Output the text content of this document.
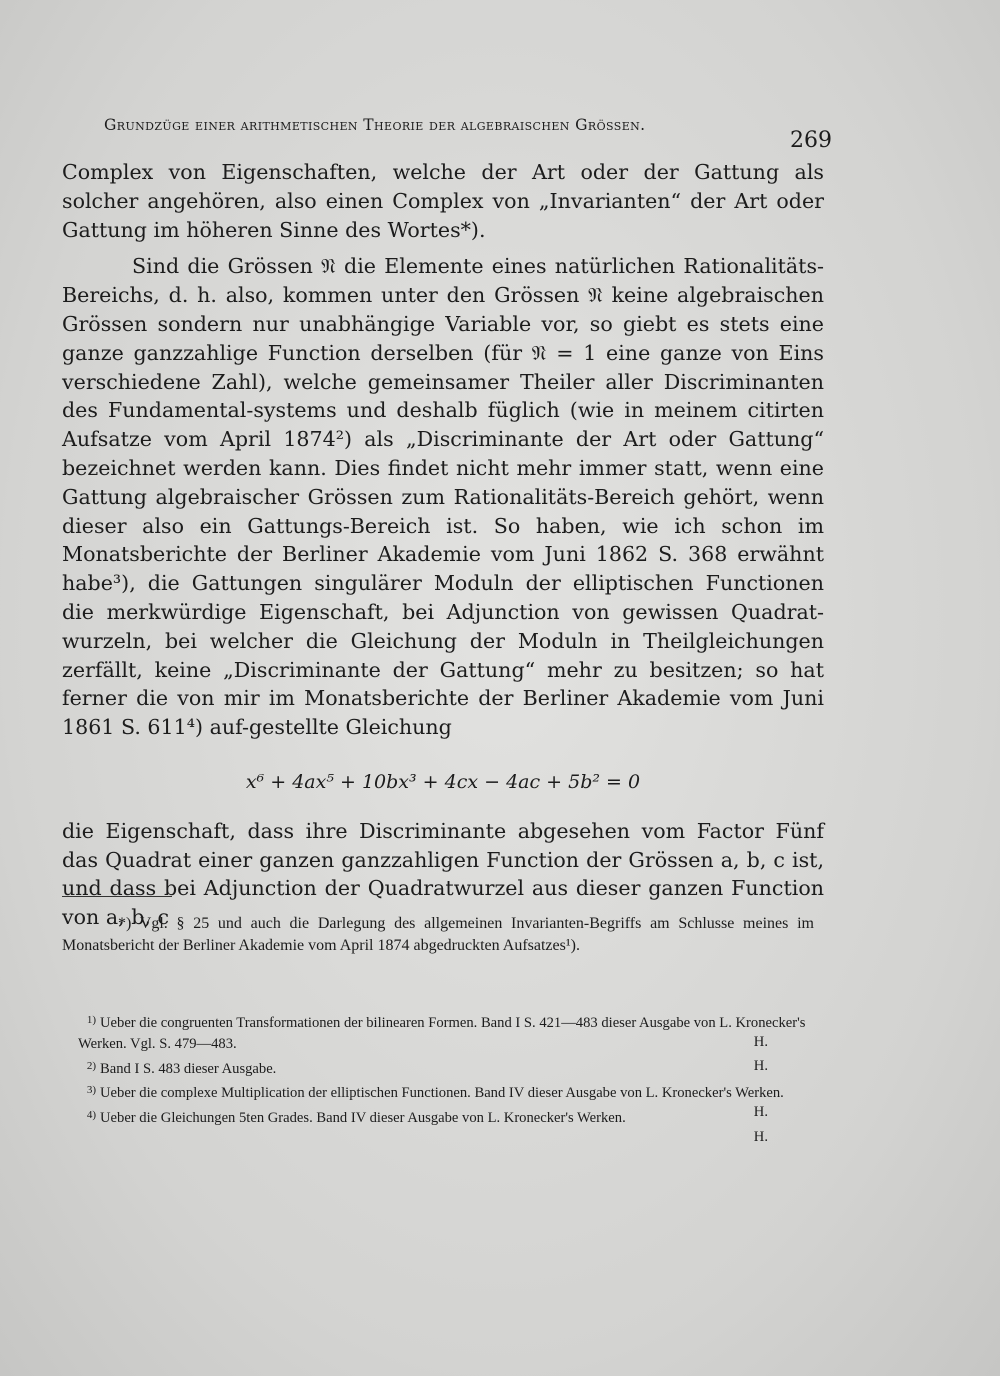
Grundzüge einer arithmetischen Theorie der algebraischen Grössen.
269

Complex von Eigenschaften, welche der Art oder der Gattung als solcher angehören, also einen Complex von „Invarianten“ der Art oder Gattung im höheren Sinne des Wortes*).

Sind die Grössen 𝔑 die Elemente eines natürlichen Rationalitäts-Bereichs, d. h. also, kommen unter den Grössen 𝔑 keine algebraischen Grössen sondern nur unabhängige Variable vor, so giebt es stets eine ganze ganzzahlige Function derselben (für 𝔑 = 1 eine ganze von Eins verschiedene Zahl), welche gemeinsamer Theiler aller Discriminanten des Fundamental-systems und deshalb füglich (wie in meinem citirten Aufsatze vom April 1874²) als „Discriminante der Art oder Gattung“ bezeichnet werden kann. Dies findet nicht mehr immer statt, wenn eine Gattung algebraischer Grössen zum Rationalitäts-Bereich gehört, wenn dieser also ein Gattungs-Bereich ist. So haben, wie ich schon im Monatsberichte der Berliner Akademie vom Juni 1862 S. 368 erwähnt habe³), die Gattungen singulärer Moduln der elliptischen Functionen die merkwürdige Eigenschaft, bei Adjunction von gewissen Quadrat-wurzeln, bei welcher die Gleichung der Moduln in Theilgleichungen zerfällt, keine „Discriminante der Gattung“ mehr zu besitzen; so hat ferner die von mir im Monatsberichte der Berliner Akademie vom Juni 1861 S. 611⁴) auf-gestellte Gleichung

x⁶ + 4ax⁵ + 10bx³ + 4cx − 4ac + 5b² = 0

die Eigenschaft, dass ihre Discriminante abgesehen vom Factor Fünf das Quadrat einer ganzen ganzzahligen Function der Grössen a, b, c ist, und dass bei Adjunction der Quadratwurzel aus dieser ganzen Function von a, b, c

*) Vgl. § 25 und auch die Darlegung des allgemeinen Invarianten-Begriffs am Schlusse meines im Monatsbericht der Berliner Akademie vom April 1874 abgedruckten Aufsatzes¹).
1) Ueber die congruenten Transformationen der bilinearen Formen. Band I S. 421—483 dieser Ausgabe von L. Kronecker's Werken. Vgl. S. 479—483.	H.
2) Band I S. 483 dieser Ausgabe.	H.
3) Ueber die complexe Multiplication der elliptischen Functionen. Band IV dieser Ausgabe von L. Kronecker's Werken.
H.
4) Ueber die Gleichungen 5ten Grades. Band IV dieser Ausgabe von L. Kronecker's Werken.
H.
